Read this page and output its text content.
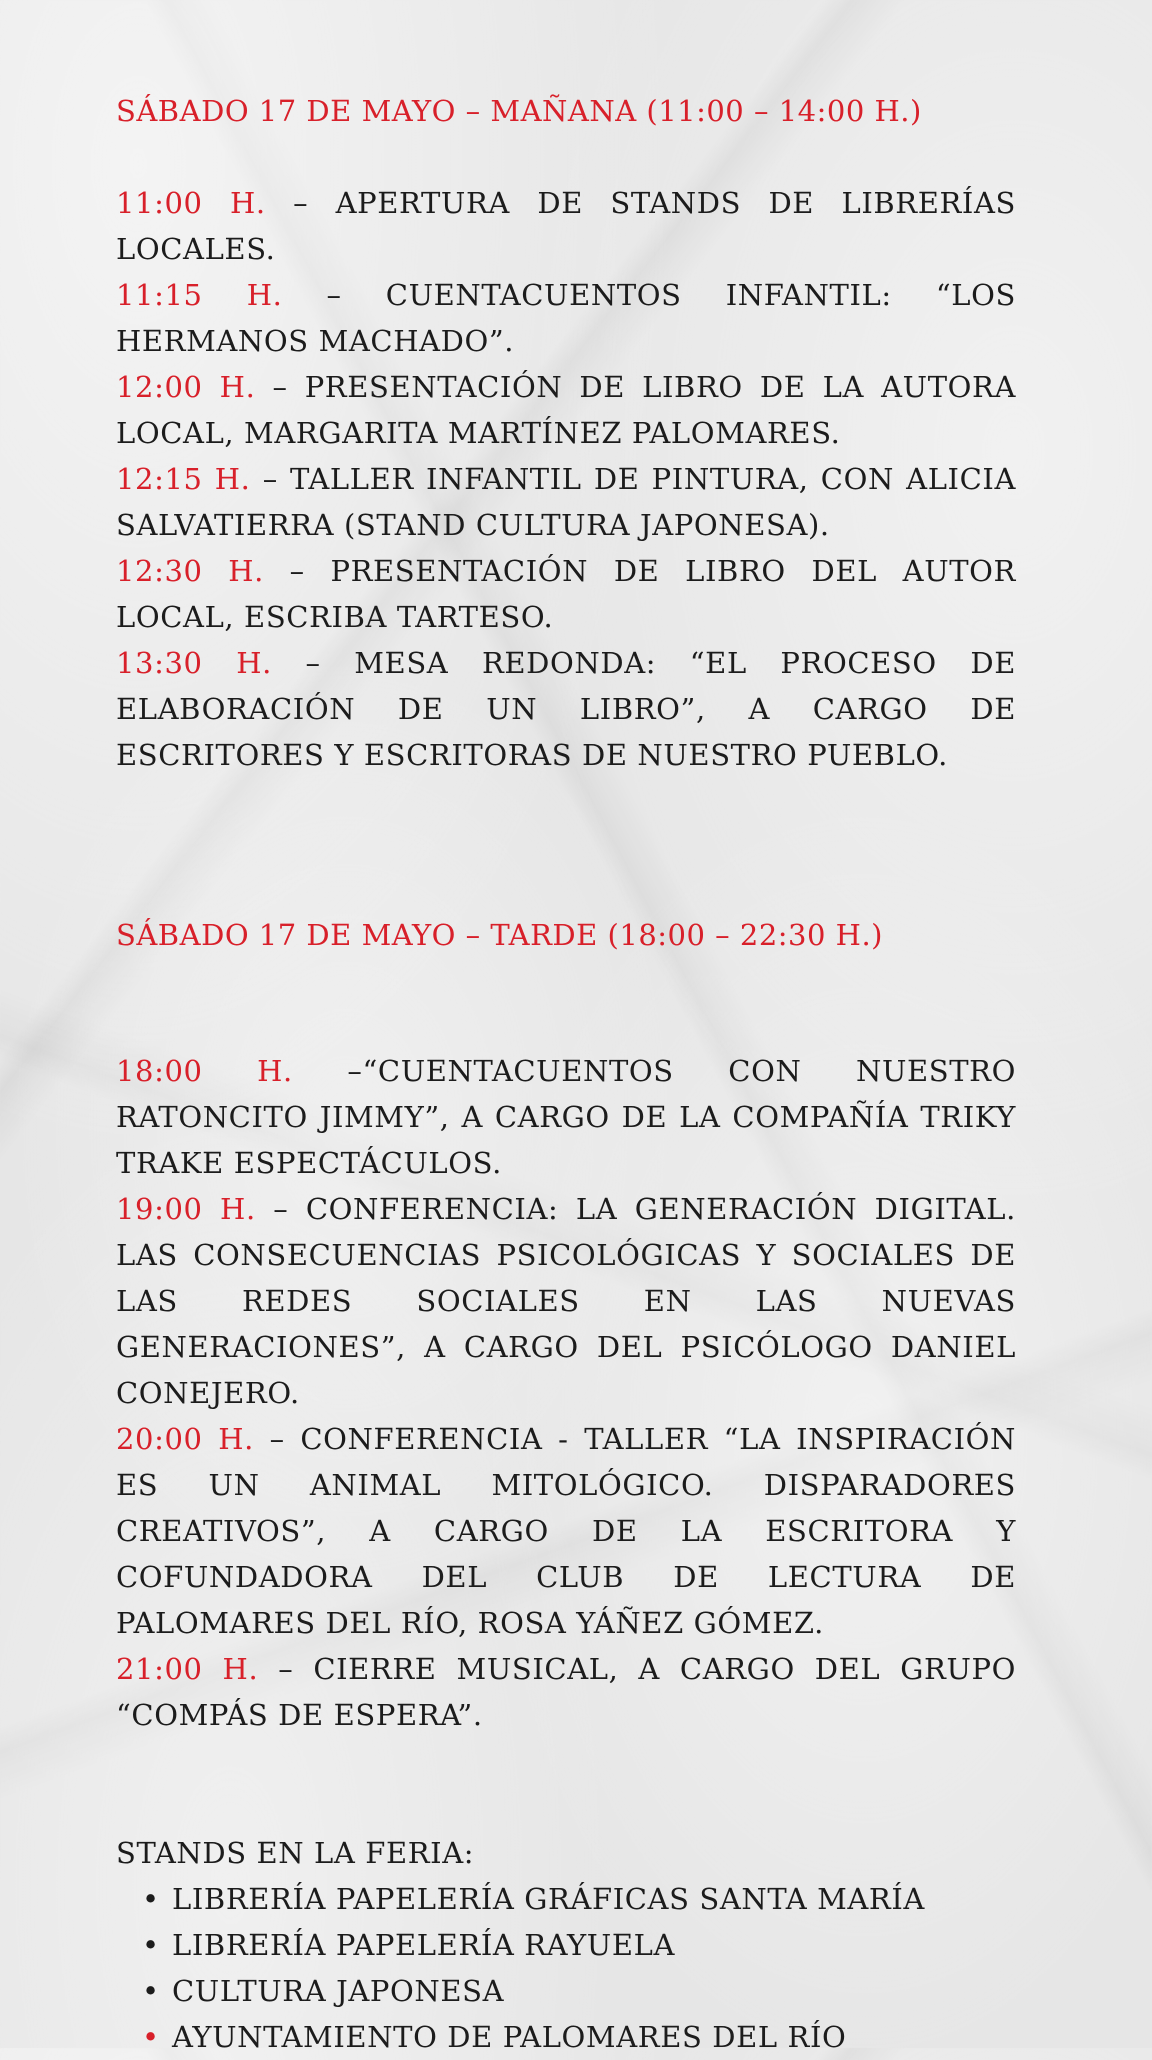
SÁBADO 17 DE MAYO – MAÑANA (11:00 – 14:00 H.)

11:00 H. – APERTURA DE STANDS DE LIBRERÍAS LOCALES.

11:15 H. – CUENTACUENTOS INFANTIL: “LOS HERMANOS MACHADO”.

12:00 H. – PRESENTACIÓN DE LIBRO DE LA AUTORA LOCAL, MARGARITA MARTÍNEZ PALOMARES.

12:15 H. – TALLER INFANTIL DE PINTURA, CON ALICIA SALVATIERRA (STAND CULTURA JAPONESA).

12:30 H. – PRESENTACIÓN DE LIBRO DEL AUTOR LOCAL, ESCRIBA TARTESO.

13:30 H. – MESA REDONDA: “EL PROCESO DE ELABORACIÓN DE UN LIBRO”, A CARGO DE ESCRITORES Y ESCRITORAS DE NUESTRO PUEBLO.

SÁBADO 17 DE MAYO – TARDE (18:00 – 22:30 H.)

18:00 H. –“CUENTACUENTOS CON NUESTRO RATONCITO JIMMY”, A CARGO DE LA COMPAÑÍA TRIKY TRAKE ESPECTÁCULOS.

19:00 H. – CONFERENCIA: LA GENERACIÓN DIGITAL. LAS CONSECUENCIAS PSICOLÓGICAS Y SOCIALES DE LAS REDES SOCIALES EN LAS NUEVAS GENERACIONES”, A CARGO DEL PSICÓLOGO DANIEL CONEJERO.

20:00 H. – CONFERENCIA - TALLER “LA INSPIRACIÓN ES UN ANIMAL MITOLÓGICO. DISPARADORES CREATIVOS”, A CARGO DE LA ESCRITORA Y COFUNDADORA DEL CLUB DE LECTURA DE PALOMARES DEL RÍO, ROSA YÁÑEZ GÓMEZ.

21:00 H. – CIERRE MUSICAL, A CARGO DEL GRUPO “COMPÁS DE ESPERA”.

STANDS EN LA FERIA:

• LIBRERÍA PAPELERÍA GRÁFICAS SANTA MARÍA
• LIBRERÍA PAPELERÍA RAYUELA
• CULTURA JAPONESA
• AYUNTAMIENTO DE PALOMARES DEL RÍO
